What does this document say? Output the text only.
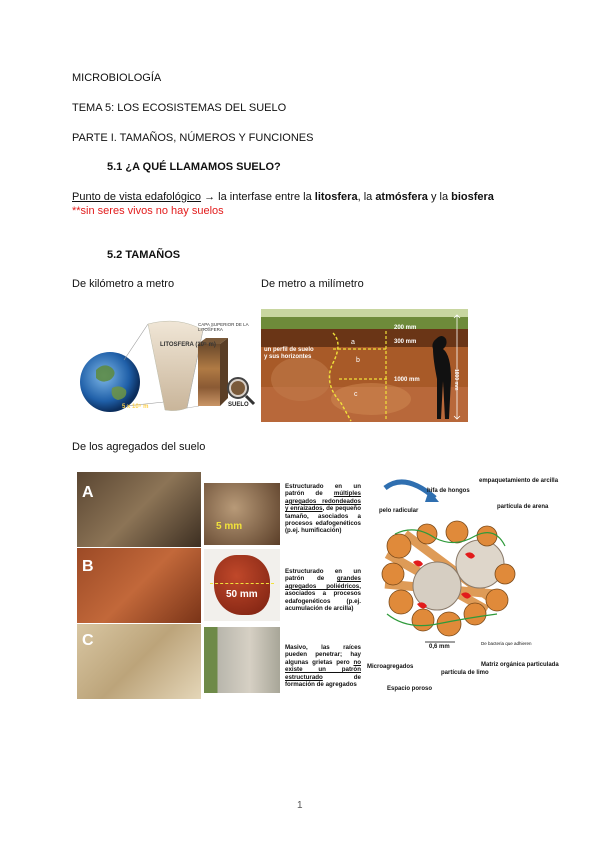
MICROBIOLOGÍA
TEMA 5: LOS ECOSISTEMAS DEL SUELO
PARTE I. TAMAÑOS, NÚMEROS Y FUNCIONES
5.1 ¿A QUÉ LLAMAMOS SUELO?
Punto de vista edafológico → la interfase entre la litosfera, la atmósfera y la biosfera
**sin seres vivos no hay suelos
5.2 TAMAÑOS
De kilómetro a metro	De metro a milímetro
5 x 10⁵ m
LITOSFERA (10⁵ m)
CAPA SUPERIOR DE LA LITOSFERA
SUELO
un perfil de suelo y sus horizontes
200 mm
300 mm
1000 mm	1800 mm
a
b
c
De los agregados del suelo
A
B
C
5 mm
50 mm
Estructurado en un patrón de múltiples agregados redondeados y enraizados, de pequeño tamaño, asociados a procesos edafogenéticos (p.ej. humificación)
Estructurado en un patrón de grandes agregados poliédricos, asociados a procesos edafogenéticos (p.ej. acumulación de arcilla)
Masivo, las raíces pueden penetrar; hay algunas grietas pero no existe un patrón estructurado de formación de agregados
hifa de hongos
empaquetamiento de arcilla
pelo radicular
partícula de arena
0,6 mm
Microagregados
partícula de limo
Matriz orgánica particulada
Espacio poroso
De bacteria que adhieren
1
